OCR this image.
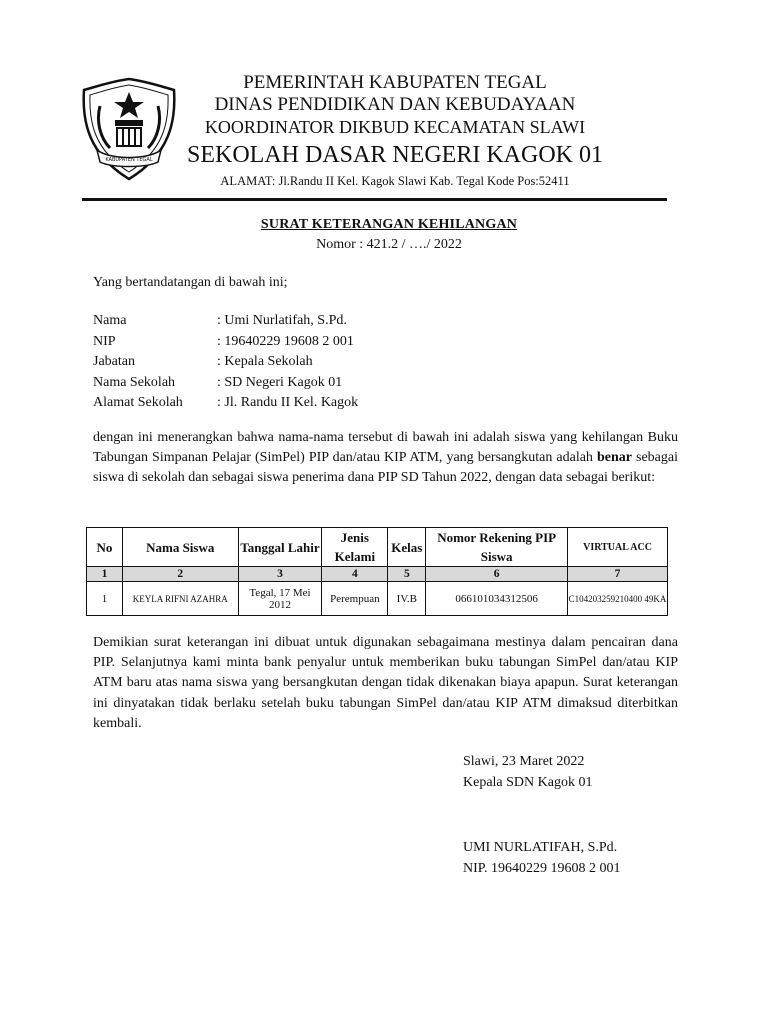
KABUPATEN TEGAL
PEMERINTAH KABUPATEN TEGAL
DINAS PENDIDIKAN DAN KEBUDAYAAN
KOORDINATOR DIKBUD KECAMATAN SLAWI
SEKOLAH DASAR NEGERI KAGOK 01
ALAMAT: Jl.Randu II Kel. Kagok Slawi Kab. Tegal Kode Pos:52411
SURAT KETERANGAN KEHILANGAN
Nomor : 421.2 / …./ 2022
Yang bertandatangan di bawah ini;
Nama	: Umi Nurlatifah, S.Pd.
NIP	: 19640229 19608 2 001
Jabatan	: Kepala Sekolah
Nama Sekolah	: SD Negeri Kagok 01
Alamat Sekolah : Jl. Randu II Kel. Kagok
dengan ini menerangkan bahwa nama-nama tersebut di bawah ini adalah siswa yang kehilangan Buku Tabungan Simpanan Pelajar (SimPel) PIP dan/atau KIP ATM, yang bersangkutan adalah benar sebagai siswa di sekolah dan sebagai siswa penerima dana PIP SD Tahun 2022, dengan data sebagai berikut:
No	Nama Siswa	Tanggal Lahir	Jenis Kelami	Kelas	Nomor Rekening PIP Siswa	VIRTUAL ACC
1	2	3	4	5	6	7
1	KEYLA RIFNI AZAHRA	Tegal, 17 Mei 2012	Perempuan	IV.B	066101034312506	C104203259210400 49KA
Demikian surat keterangan ini dibuat untuk digunakan sebagaimana mestinya dalam pencairan dana PIP. Selanjutnya kami minta bank penyalur untuk memberikan buku tabungan SimPel dan/atau KIP ATM baru atas nama siswa yang bersangkutan dengan tidak dikenakan biaya apapun. Surat keterangan ini dinyatakan tidak berlaku setelah buku tabungan SimPel dan/atau KIP ATM dimaksud diterbitkan kembali.
Slawi, 23 Maret 2022
Kepala SDN Kagok 01
UMI NURLATIFAH, S.Pd.
NIP. 19640229 19608 2 001
